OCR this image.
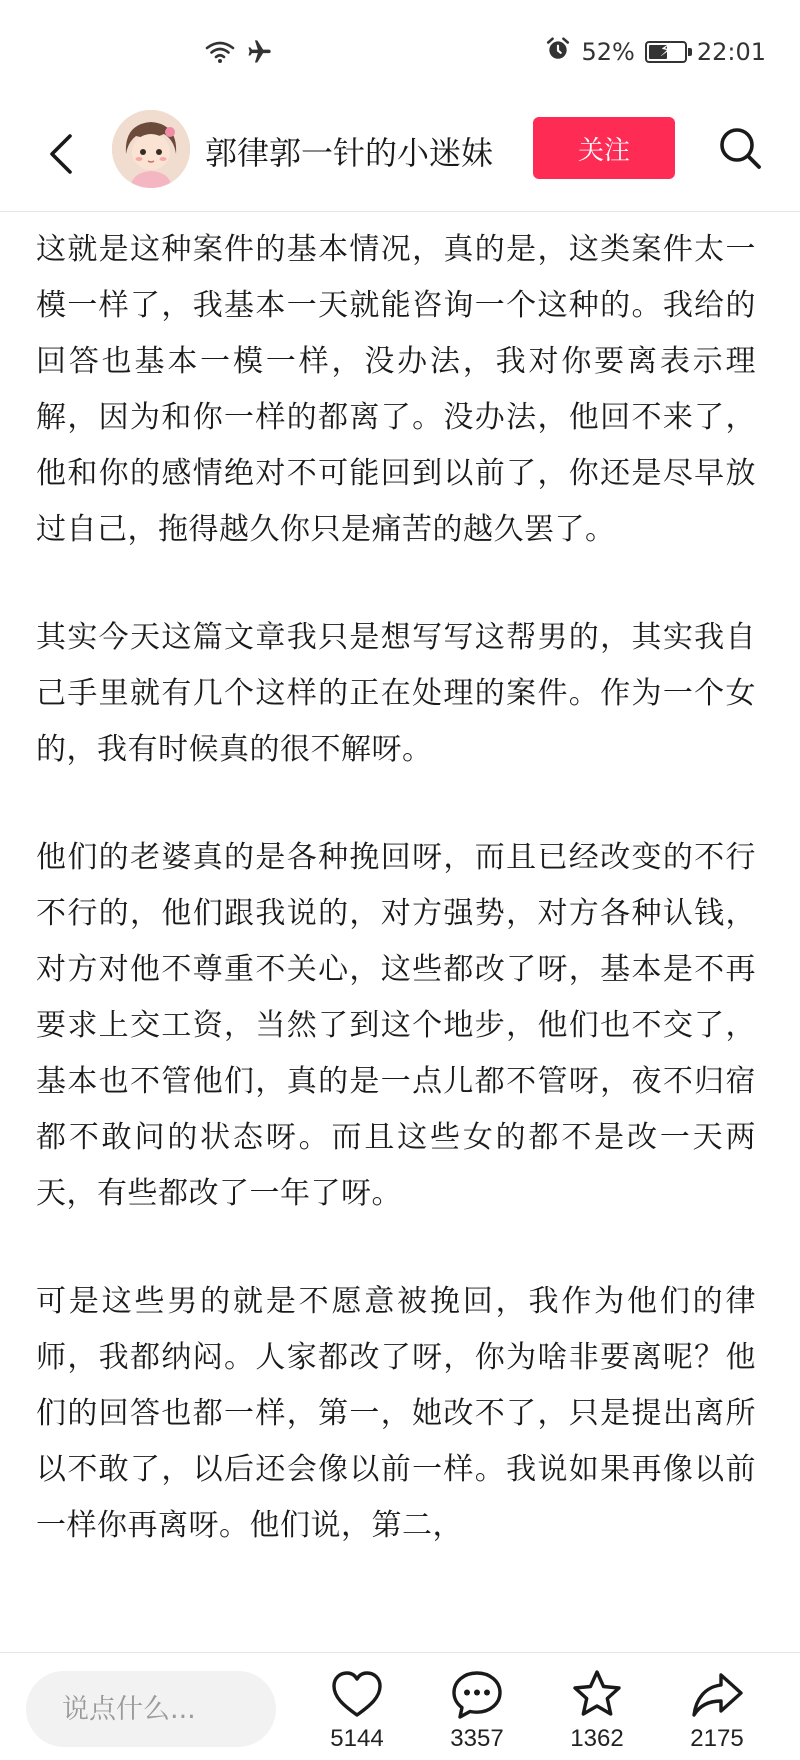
52%	⚡	22:01
郭律郭一针的小迷妹	关注

这就是这种案件的基本情况，真的是，这类案件太一模一样了，我基本一天就能咨询一个这种的。我给的回答也基本一模一样，没办法，我对你要离表示理解，因为和你一样的都离了。没办法，他回不来了，他和你的感情绝对不可能回到以前了，你还是尽早放过自己，拖得越久你只是痛苦的越久罢了。

其实今天这篇文章我只是想写写这帮男的，其实我自己手里就有几个这样的正在处理的案件。作为一个女的，我有时候真的很不解呀。

他们的老婆真的是各种挽回呀，而且已经改变的不行不行的，他们跟我说的，对方强势，对方各种认钱，对方对他不尊重不关心，这些都改了呀，基本是不再要求上交工资，当然了到这个地步，他们也不交了，基本也不管他们，真的是一点儿都不管呀，夜不归宿都不敢问的状态呀。而且这些女的都不是改一天两天，有些都改了一年了呀。

可是这些男的就是不愿意被挽回，我作为他们的律师，我都纳闷。人家都改了呀，你为啥非要离呢？他们的回答也都一样，第一，她改不了，只是提出离所以不敢了，以后还会像以前一样。我说如果再像以前一样你再离呀。他们说，第二，

说点什么...
5144	3357	1362	2175
